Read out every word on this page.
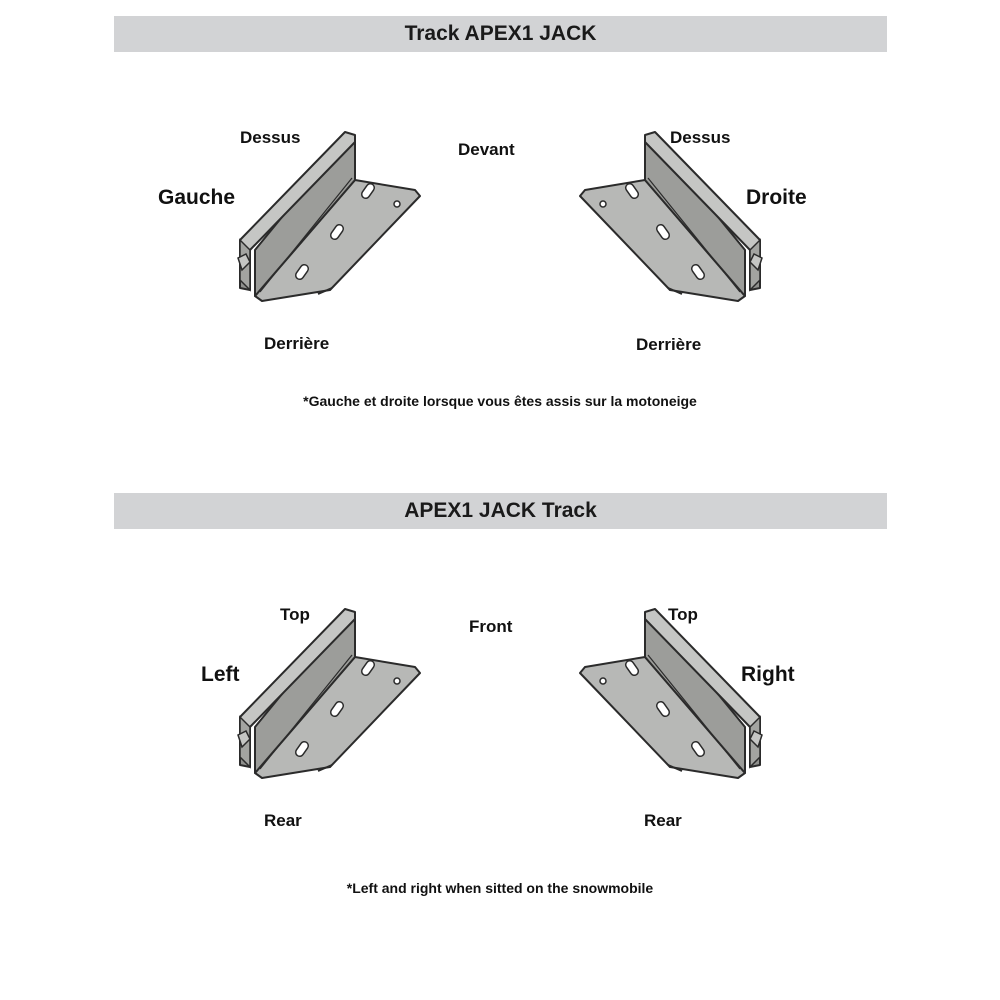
Track APEX1 JACK
Dessus	Dessus
Devant
Gauche	Droite
Derrière	Derrière
*Gauche et droite lorsque vous êtes assis sur la motoneige
APEX1 JACK Track
Top	Top
Front
Left	Right
Rear	Rear
*Left and right when sitted on the snowmobile
